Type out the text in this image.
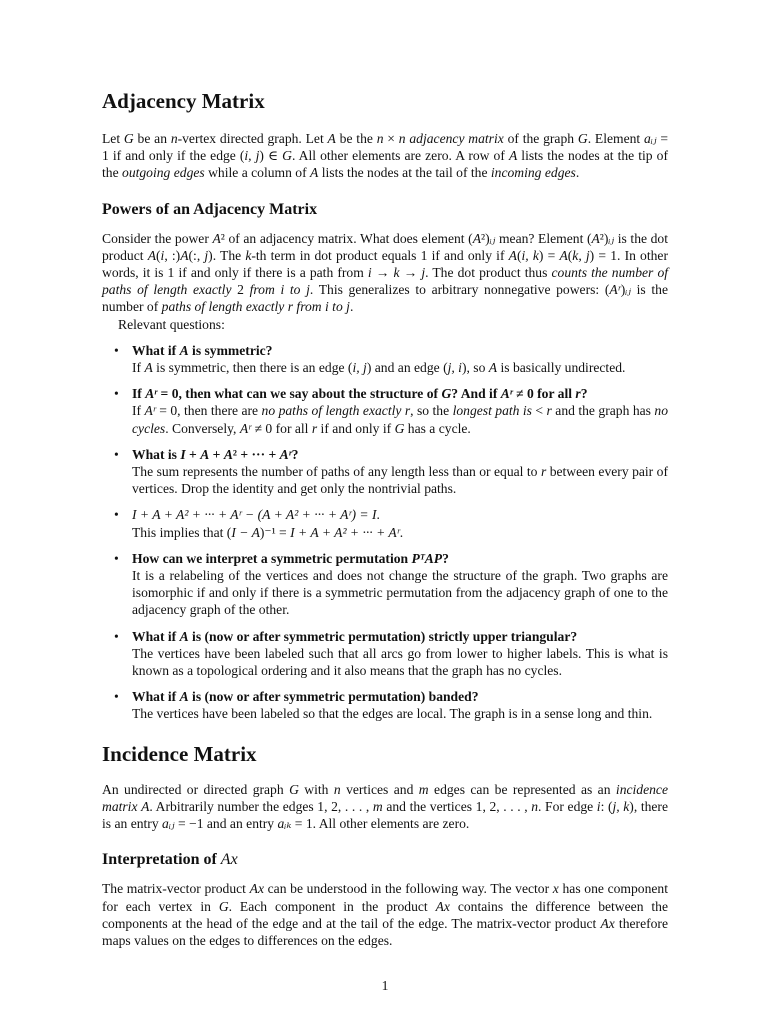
Adjacency Matrix

Let G be an n-vertex directed graph. Let A be the n × n adjacency matrix of the graph G. Element aᵢⱼ = 1 if and only if the edge (i, j) ∈ G. All other elements are zero. A row of A lists the nodes at the tip of the outgoing edges while a column of A lists the nodes at the tail of the incoming edges.

Powers of an Adjacency Matrix

Consider the power A² of an adjacency matrix. What does element (A²)ᵢⱼ mean? Element (A²)ᵢⱼ is the dot product A(i, :)A(:, j). The k-th term in dot product equals 1 if and only if A(i, k) = A(k, j) = 1. In other words, it is 1 if and only if there is a path from i → k → j. The dot product thus counts the number of paths of length exactly 2 from i to j. This generalizes to arbitrary nonnegative powers: (Aʳ)ᵢⱼ is the number of paths of length exactly r from i to j.

Relevant questions:

• What if A is symmetric?
If A is symmetric, then there is an edge (i, j) and an edge (j, i), so A is basically undirected.
• If Aʳ = 0, then what can we say about the structure of G? And if Aʳ ≠ 0 for all r?
If Aʳ = 0, then there are no paths of length exactly r, so the longest path is < r and the graph has no cycles. Conversely, Aʳ ≠ 0 for all r if and only if G has a cycle.
• What is I + A + A² + ··· + Aʳ?
The sum represents the number of paths of any length less than or equal to r between every pair of vertices. Drop the identity and get only the nontrivial paths.
• I + A + A² + ··· + Aʳ − (A + A² + ··· + Aʳ) = I.
This implies that (I − A)⁻¹ = I + A + A² + ··· + Aʳ.
• How can we interpret a symmetric permutation PᵀAP?
It is a relabeling of the vertices and does not change the structure of the graph. Two graphs are isomorphic if and only if there is a symmetric permutation from the adjacency graph of one to the adjacency graph of the other.
• What if A is (now or after symmetric permutation) strictly upper triangular?
The vertices have been labeled such that all arcs go from lower to higher labels. This is what is known as a topological ordering and it also means that the graph has no cycles.
• What if A is (now or after symmetric permutation) banded?
The vertices have been labeled so that the edges are local. The graph is in a sense long and thin.
Incidence Matrix

An undirected or directed graph G with n vertices and m edges can be represented as an incidence matrix A. Arbitrarily number the edges 1, 2, . . . , m and the vertices 1, 2, . . . , n. For edge i: (j, k), there is an entry aᵢⱼ = −1 and an entry aᵢₖ = 1. All other elements are zero.

Interpretation of Ax

The matrix-vector product Ax can be understood in the following way. The vector x has one component for each vertex in G. Each component in the product Ax contains the difference between the components at the head of the edge and at the tail of the edge. The matrix-vector product Ax therefore maps values on the edges to differences on the edges.

1
